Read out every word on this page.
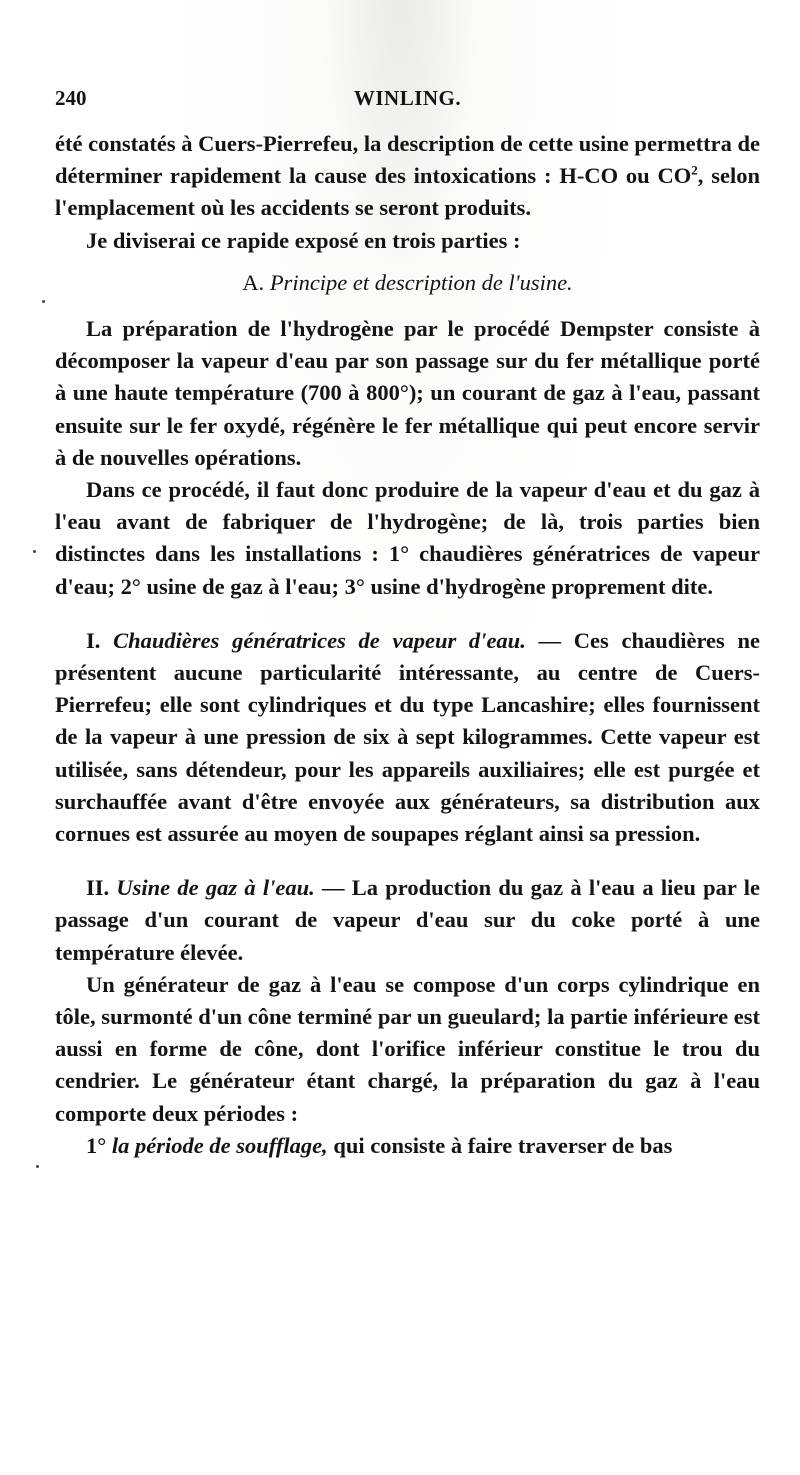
240	WINLING.

été constatés à Cuers-Pierrefeu, la description de cette usine permettra de déterminer rapidement la cause des intoxications : H-CO ou $CO^2$, selon l'emplacement où les accidents se seront produits.

Je diviserai ce rapide exposé en trois parties :

A. Principe et description de l'usine.

La préparation de l'hydrogène par le procédé Dempster consiste à décomposer la vapeur d'eau par son passage sur du fer métallique porté à une haute température (700 à 800°); un courant de gaz à l'eau, passant ensuite sur le fer oxydé, régénère le fer métallique qui peut encore servir à de nouvelles opérations.

Dans ce procédé, il faut donc produire de la vapeur d'eau et du gaz à l'eau avant de fabriquer de l'hydrogène; de là, trois parties bien distinctes dans les installations : 1° chaudières génératrices de vapeur d'eau; 2° usine de gaz à l'eau; 3° usine d'hydrogène proprement dite.

I. Chaudières génératrices de vapeur d'eau. — Ces chaudières ne présentent aucune particularité intéressante, au centre de Cuers-Pierrefeu; elle sont cylindriques et du type Lancashire; elles fournissent de la vapeur à une pression de six à sept kilogrammes. Cette vapeur est utilisée, sans détendeur, pour les appareils auxiliaires; elle est purgée et surchauffée avant d'être envoyée aux générateurs, sa distribution aux cornues est assurée au moyen de soupapes réglant ainsi sa pression.

II. Usine de gaz à l'eau. — La production du gaz à l'eau a lieu par le passage d'un courant de vapeur d'eau sur du coke porté à une température élevée.

Un générateur de gaz à l'eau se compose d'un corps cylindrique en tôle, surmonté d'un cône terminé par un gueulard; la partie inférieure est aussi en forme de cône, dont l'orifice inférieur constitue le trou du cendrier. Le générateur étant chargé, la préparation du gaz à l'eau comporte deux périodes :

1° la période de soufflage, qui consiste à faire traverser de bas
